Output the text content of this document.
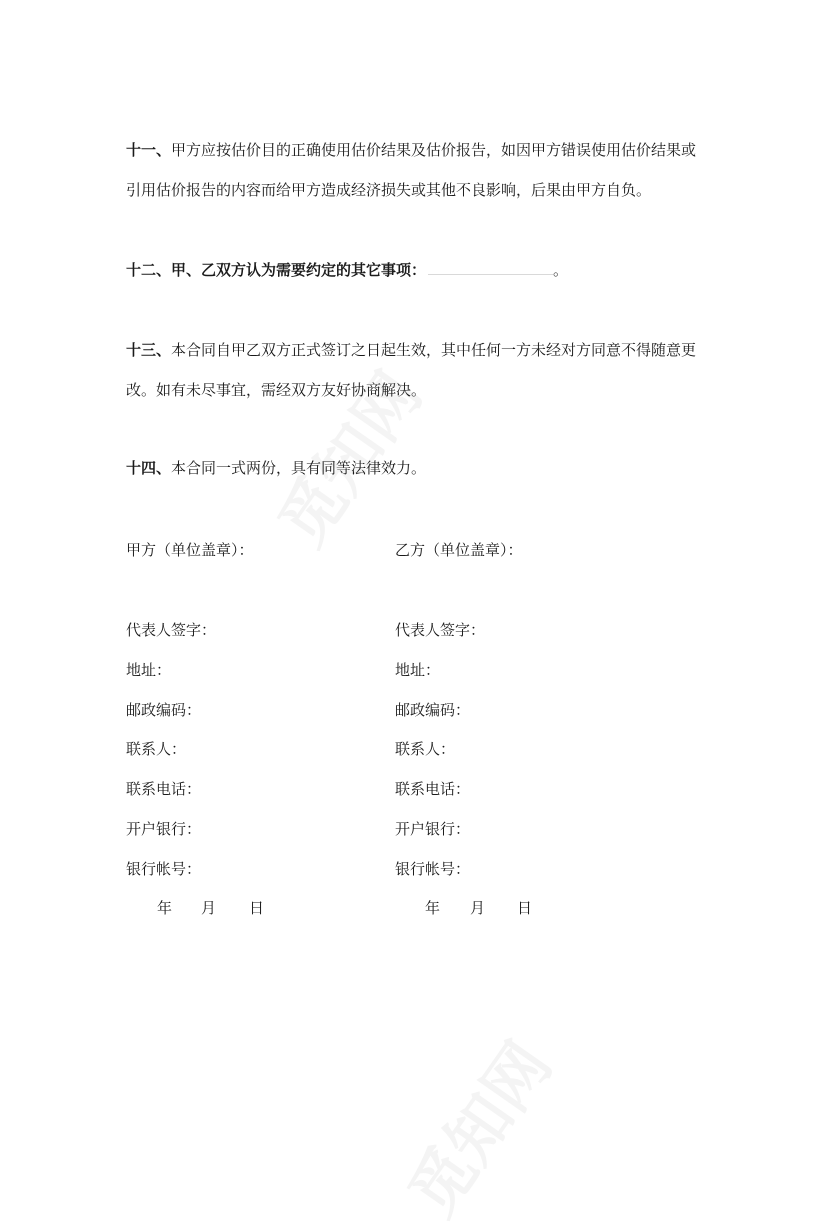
十一、甲方应按估价目的正确使用估价结果及估价报告，如因甲方错误使用估价结果或
引用估价报告的内容而给甲方造成经济损失或其他不良影响，后果由甲方自负。
十二、甲、乙双方认为需要约定的其它事项：	。
十三、本合同自甲乙双方正式签订之日起生效，其中任何一方未经对方同意不得随意更
改。如有未尽事宜，需经双方友好协商解决。
十四、本合同一式两份，具有同等法律效力。
甲方（单位盖章）：
代表人签字：
地址：
邮政编码：
联系人：
联系电话：
开户银行：
银行帐号：
年 月 日
乙方（单位盖章）：
代表人签字：
地址：
邮政编码：
联系人：
联系电话：
开户银行：
银行帐号：
年 月 日
